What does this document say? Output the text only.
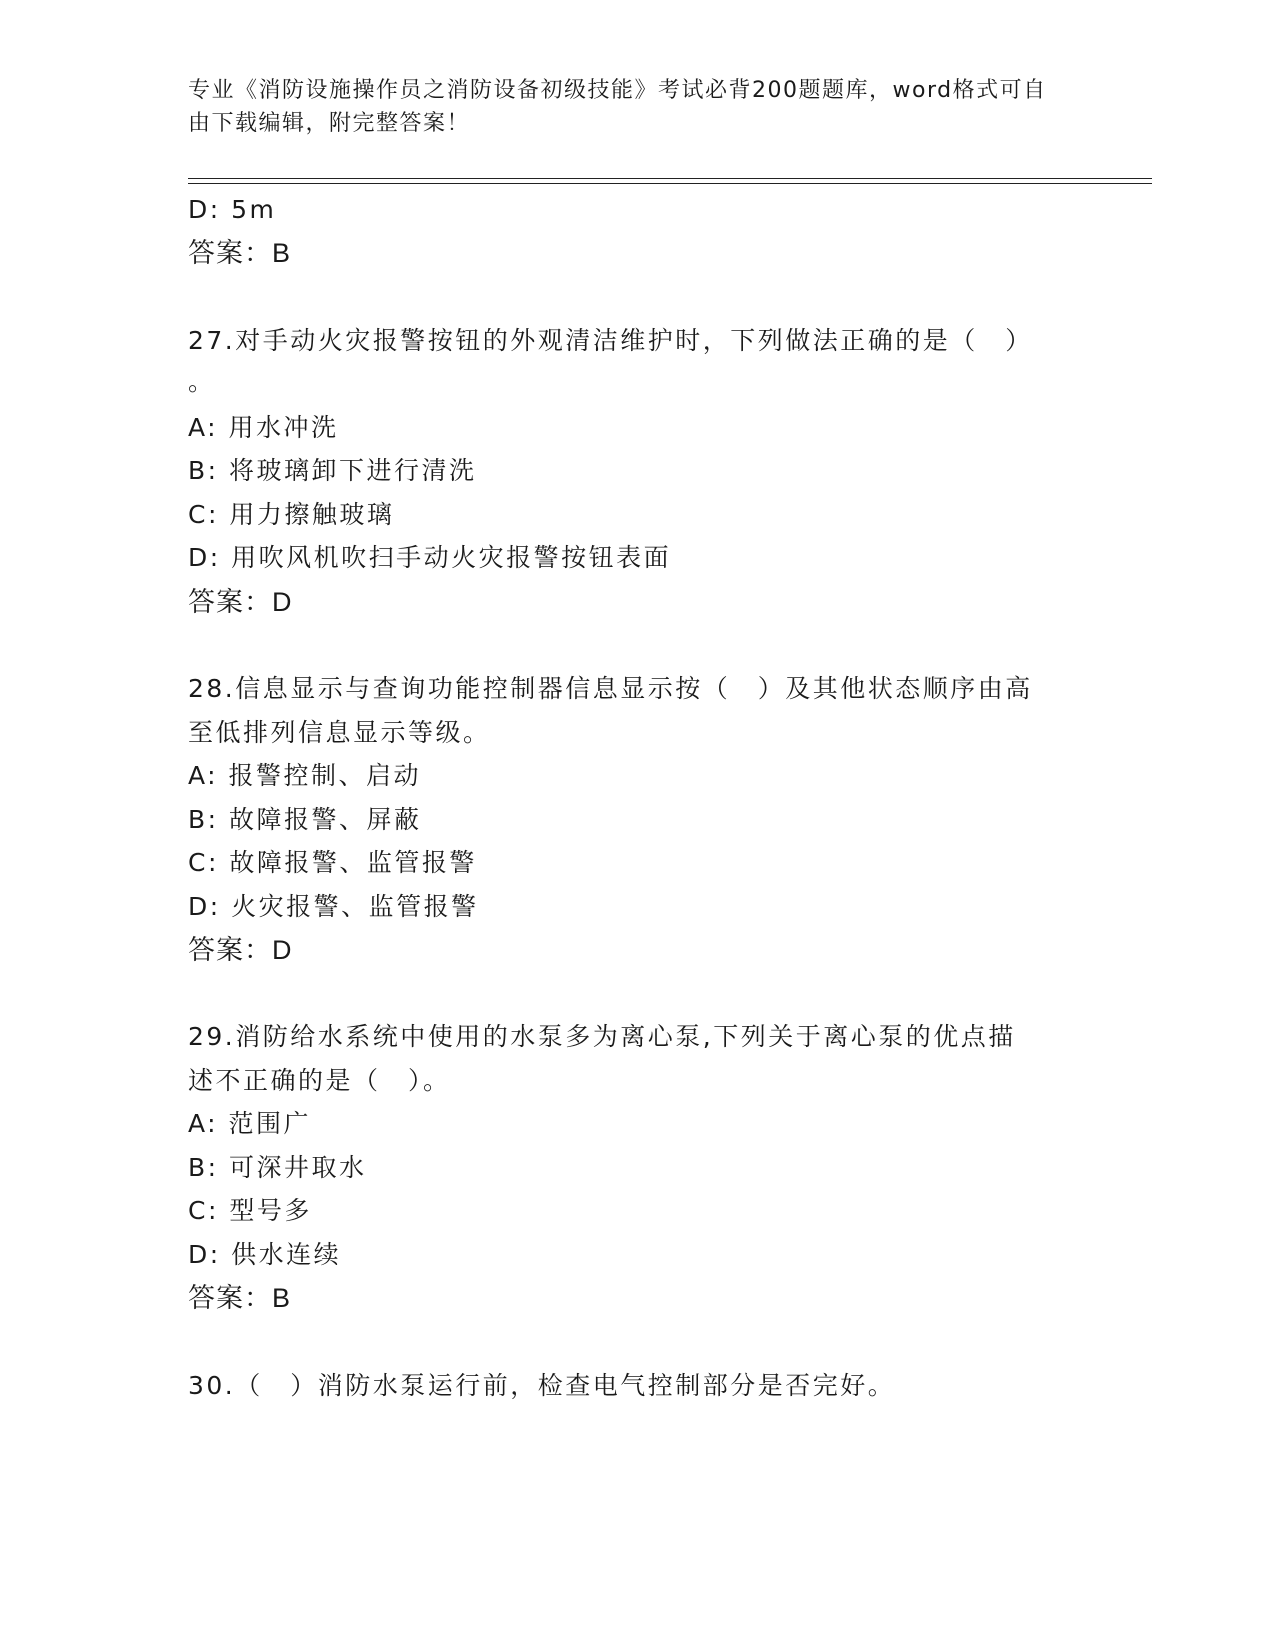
专业《消防设施操作员之消防设备初级技能》考试必背200题题库，word格式可自由下载编辑，附完整答案！
D: 5m
答案：B
27.对手动火灾报警按钮的外观清洁维护时，下列做法正确的是（　）
。
A: 用水冲洗
B: 将玻璃卸下进行清洗
C: 用力擦触玻璃
D: 用吹风机吹扫手动火灾报警按钮表面
答案：D
28.信息显示与查询功能控制器信息显示按（　）及其他状态顺序由高
至低排列信息显示等级。
A: 报警控制、启动
B: 故障报警、屏蔽
C: 故障报警、监管报警
D: 火灾报警、监管报警
答案：D
29.消防给水系统中使用的水泵多为离心泵,下列关于离心泵的优点描
述不正确的是（　）。
A: 范围广
B: 可深井取水
C: 型号多
D: 供水连续
答案：B
30.（　）消防水泵运行前，检查电气控制部分是否完好。
